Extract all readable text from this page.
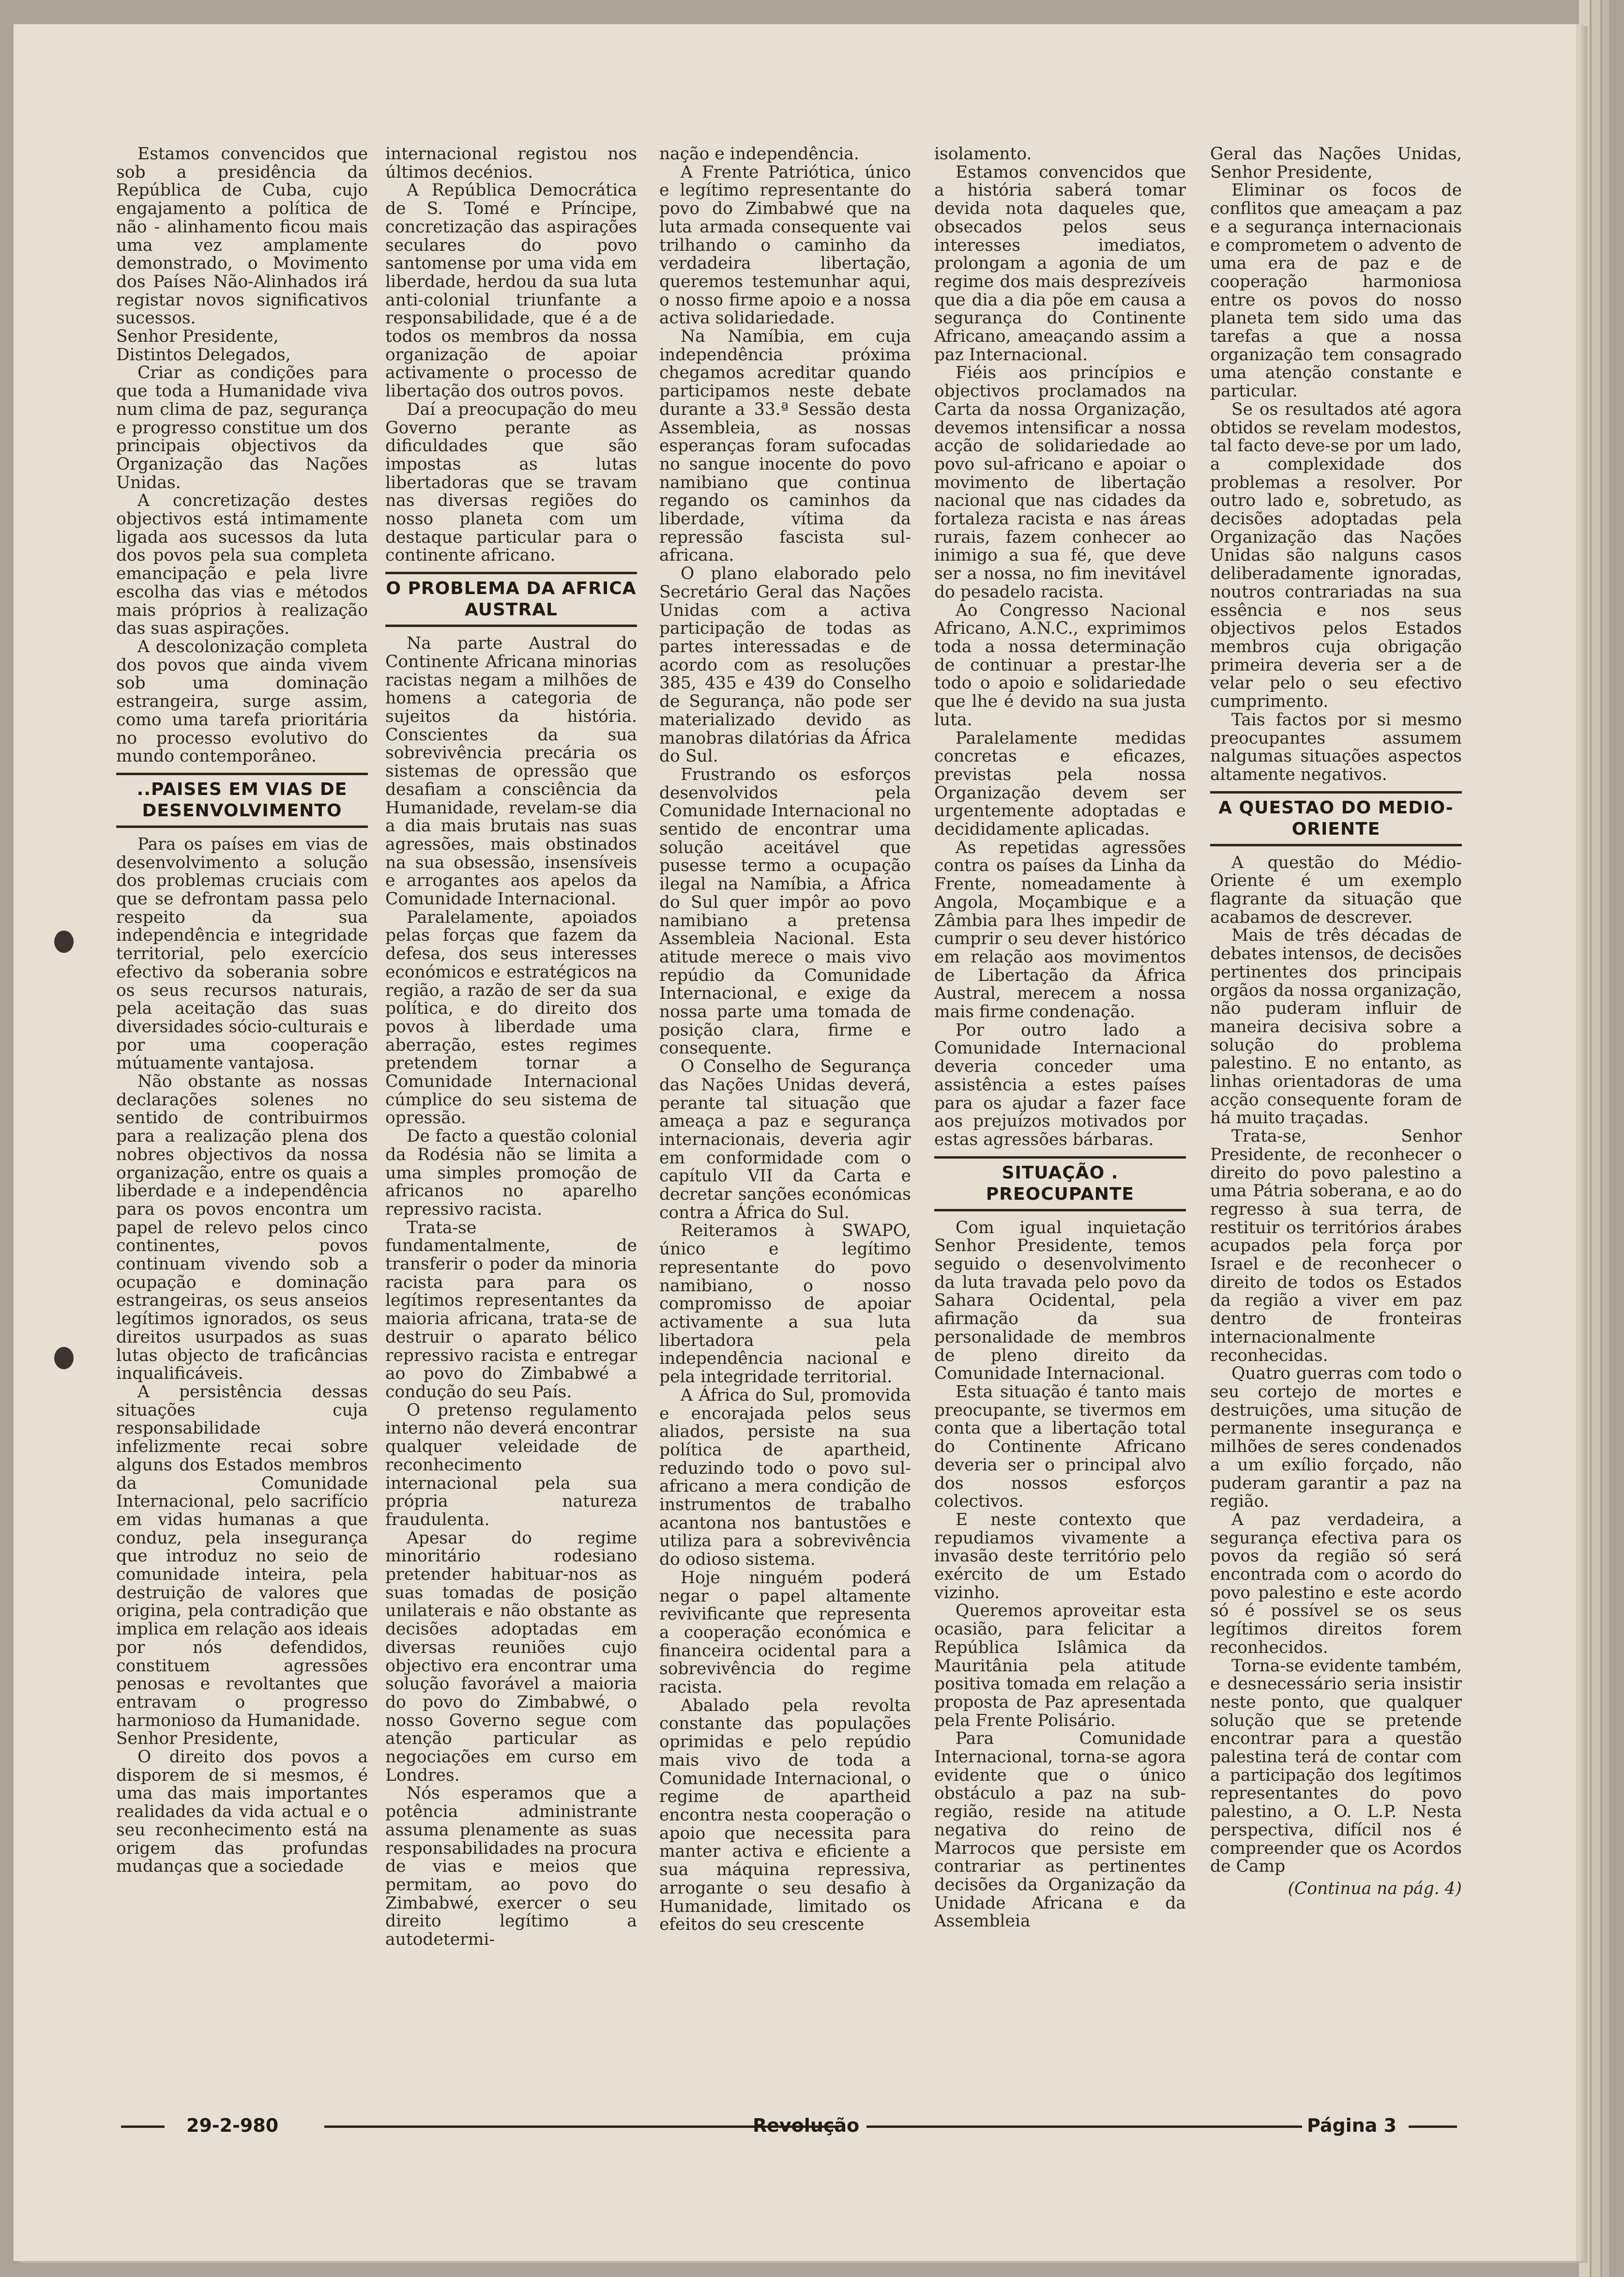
Estamos convencidos que sob a presidência da República de Cuba, cujo engajamento a política de não - alinhamento ficou mais uma vez amplamente demonstrado, o Movimento dos Países Não-Alinhados irá registar novos significativos sucessos.

Senhor Presidente,

Distintos Delegados,

Criar as condições para que toda a Humanidade viva num clima de paz, segurança e progresso constitue um dos principais objectivos da Organização das Nações Unidas.

A concretização destes objectivos está intimamente ligada aos sucessos da luta dos povos pela sua completa emancipação e pela livre escolha das vias e métodos mais próprios à realização das suas aspirações.

A descolonização completa dos povos que ainda vivem sob uma dominação estrangeira, surge assim, como uma tarefa prioritária no processo evolutivo do mundo contemporâneo.

..PAISES EM VIAS DE DESENVOLVIMENTO

Para os países em vias de desenvolvimento a solução dos problemas cruciais com que se defrontam passa pelo respeito da sua independência e integridade territorial, pelo exercício efectivo da soberania sobre os seus recursos naturais, pela aceitação das suas diversidades sócio-culturais e por uma cooperação mútuamente vantajosa.

Não obstante as nossas declarações solenes no sentido de contribuirmos para a realização plena dos nobres objectivos da nossa organização, entre os quais a liberdade e a independência para os povos encontra um papel de relevo pelos cinco continentes, povos continuam vivendo sob a ocupação e dominação estrangeiras, os seus anseios legítimos ignorados, os seus direitos usurpados as suas lutas objecto de traficâncias inqualificáveis.

A persistência dessas situações cuja responsabilidade infelizmente recai sobre alguns dos Estados membros da Comunidade Internacional, pelo sacrifício em vidas humanas a que conduz, pela insegurança que introduz no seio de comunidade inteira, pela destruição de valores que origina, pela contradição que implica em relação aos ideais por nós defendidos, constituem agressões penosas e revoltantes que entravam o progresso harmonioso da Humanidade.

Senhor Presidente,

O direito dos povos a disporem de si mesmos, é uma das mais importantes realidades da vida actual e o seu reconhecimento está na origem das profundas mudanças que a sociedade

internacional registou nos últimos decénios.

A República Democrática de S. Tomé e Príncipe, concretização das aspirações seculares do povo santomense por uma vida em liberdade, herdou da sua luta anti-colonial triunfante a responsabilidade, que é a de todos os membros da nossa organização de apoiar activamente o processo de libertação dos outros povos.

Daí a preocupação do meu Governo perante as dificuldades que são impostas as lutas libertadoras que se travam nas diversas regiões do nosso planeta com um destaque particular para o continente africano.

O PROBLEMA DA AFRICA AUSTRAL

Na parte Austral do Continente Africana minorias racistas negam a milhões de homens a categoria de sujeitos da história. Conscientes da sua sobrevivência precária os sistemas de opressão que desafiam a consciência da Humanidade, revelam-se dia a dia mais brutais nas suas agressões, mais obstinados na sua obsessão, insensíveis e arrogantes aos apelos da Comunidade Internacional.

Paralelamente, apoiados pelas forças que fazem da defesa, dos seus interesses económicos e estratégicos na região, a razão de ser da sua política, e do direito dos povos à liberdade uma aberração, estes regimes pretendem tornar a Comunidade Internacional cúmplice do seu sistema de opressão.

De facto a questão colonial da Rodésia não se limita a uma simples promoção de africanos no aparelho repressivo racista.

Trata-se fundamentalmente, de transferir o poder da minoria racista para para os legítimos representantes da maioria africana, trata-se de destruir o aparato bélico repressivo racista e entregar ao povo do Zimbabwé a condução do seu País.

O pretenso regulamento interno não deverá encontrar qualquer veleidade de reconhecimento internacional pela sua própria natureza fraudulenta.

Apesar do regime minoritário rodesiano pretender habituar-nos as suas tomadas de posição unilaterais e não obstante as decisões adoptadas em diversas reuniões cujo objectivo era encontrar uma solução favorável a maioria do povo do Zimbabwé, o nosso Governo segue com atenção particular as negociações em curso em Londres.

Nós esperamos que a potência administrante assuma plenamente as suas responsabilidades na procura de vias e meios que permitam, ao povo do Zimbabwé, exercer o seu direito legítimo a autodetermi-

nação e independência.

A Frente Patriótica, único e legítimo representante do povo do Zimbabwé que na luta armada consequente vai trilhando o caminho da verdadeira libertação, queremos testemunhar aqui, o nosso firme apoio e a nossa activa solidariedade.

Na Namíbia, em cuja independência próxima chegamos acreditar quando participamos neste debate durante a 33.ª Sessão desta Assembleia, as nossas esperanças foram sufocadas no sangue inocente do povo namibiano que continua regando os caminhos da liberdade, vítima da repressão fascista sul-africana.

O plano elaborado pelo Secretário Geral das Nações Unidas com a activa participação de todas as partes interessadas e de acordo com as resoluções 385, 435 e 439 do Conselho de Segurança, não pode ser materializado devido as manobras dilatórias da África do Sul.

Frustrando os esforços desenvolvidos pela Comunidade Internacional no sentido de encontrar uma solução aceitável que pusesse termo a ocupação ilegal na Namíbia, a África do Sul quer impôr ao povo namibiano a pretensa Assembleia Nacional. Esta atitude merece o mais vivo repúdio da Comunidade Internacional, e exige da nossa parte uma tomada de posição clara, firme e consequente.

O Conselho de Segurança das Nações Unidas deverá, perante tal situação que ameaça a paz e segurança internacionais, deveria agir em conformidade com o capítulo VII da Carta e decretar sanções económicas contra a África do Sul.

Reiteramos à SWAPO, único e legítimo representante do povo namibiano, o nosso compromisso de apoiar activamente a sua luta libertadora pela independência nacional e pela integridade territorial.

A África do Sul, promovida e encorajada pelos seus aliados, persiste na sua política de apartheid, reduzindo todo o povo sul-africano a mera condição de instrumentos de trabalho acantona nos bantustões e utiliza para a sobrevivência do odioso sistema.

Hoje ninguém poderá negar o papel altamente revivificante que representa a cooperação económica e financeira ocidental para a sobrevivência do regime racista.

Abalado pela revolta constante das populações oprimidas e pelo repúdio mais vivo de toda a Comunidade Internacional, o regime de apartheid encontra nesta cooperação o apoio que necessita para manter activa e eficiente a sua máquina repressiva, arrogante o seu desafio à Humanidade, limitado os efeitos do seu crescente

isolamento.

Estamos convencidos que a história saberá tomar devida nota daqueles que, obsecados pelos seus interesses imediatos, prolongam a agonia de um regime dos mais desprezíveis que dia a dia põe em causa a segurança do Continente Africano, ameaçando assim a paz Internacional.

Fiéis aos princípios e objectivos proclamados na Carta da nossa Organização, devemos intensificar a nossa acção de solidariedade ao povo sul-africano e apoiar o movimento de libertação nacional que nas cidades da fortaleza racista e nas áreas rurais, fazem conhecer ao inimigo a sua fé, que deve ser a nossa, no fim inevitável do pesadelo racista.

Ao Congresso Nacional Africano, A.N.C., exprimimos toda a nossa determinação de continuar a prestar-lhe todo o apoio e solidariedade que lhe é devido na sua justa luta.

Paralelamente medidas concretas e eficazes, previstas pela nossa Organização devem ser urgentemente adoptadas e decididamente aplicadas.

As repetidas agressões contra os países da Linha da Frente, nomeadamente à Angola, Moçambique e a Zâmbia para lhes impedir de cumprir o seu dever histórico em relação aos movimentos de Libertação da África Austral, merecem a nossa mais firme condenação.

Por outro lado a Comunidade Internacional deveria conceder uma assistência a estes países para os ajudar a fazer face aos prejuízos motivados por estas agressões bárbaras.

SITUAÇÃO . PREOCUPANTE

Com igual inquietação Senhor Presidente, temos seguido o desenvolvimento da luta travada pelo povo da Sahara Ocidental, pela afirmação da sua personalidade de membros de pleno direito da Comunidade Internacional.

Esta situação é tanto mais preocupante, se tivermos em conta que a libertação total do Continente Africano deveria ser o principal alvo dos nossos esforços colectivos.

E neste contexto que repudiamos vivamente a invasão deste território pelo exército de um Estado vizinho.

Queremos aproveitar esta ocasião, para felicitar a República Islâmica da Mauritânia pela atitude positiva tomada em relação a proposta de Paz apresentada pela Frente Polisário.

Para Comunidade Internacional, torna-se agora evidente que o único obstáculo a paz na sub-região, reside na atitude negativa do reino de Marrocos que persiste em contrariar as pertinentes decisões da Organização da Unidade Africana e da Assembleia

Geral das Nações Unidas, Senhor Presidente,

Eliminar os focos de conflitos que ameaçam a paz e a segurança internacionais e comprometem o advento de uma era de paz e de cooperação harmoniosa entre os povos do nosso planeta tem sido uma das tarefas a que a nossa organização tem consagrado uma atenção constante e particular.

Se os resultados até agora obtidos se revelam modestos, tal facto deve-se por um lado, a complexidade dos problemas a resolver. Por outro lado e, sobretudo, as decisões adoptadas pela Organização das Nações Unidas são nalguns casos deliberadamente ignoradas, noutros contrariadas na sua essência e nos seus objectivos pelos Estados membros cuja obrigação primeira deveria ser a de velar pelo o seu efectivo cumprimento.

Tais factos por si mesmo preocupantes assumem nalgumas situações aspectos altamente negativos.

A QUESTAO DO MEDIO-ORIENTE

A questão do Médio-Oriente é um exemplo flagrante da situação que acabamos de descrever.

Mais de três décadas de debates intensos, de decisões pertinentes dos principais orgãos da nossa organização, não puderam influir de maneira decisiva sobre a solução do problema palestino. E no entanto, as linhas orientadoras de uma acção consequente foram de há muito traçadas.

Trata-se, Senhor Presidente, de reconhecer o direito do povo palestino a uma Pátria soberana, e ao do regresso à sua terra, de restituir os territórios árabes acupados pela força por Israel e de reconhecer o direito de todos os Estados da região a viver em paz dentro de fronteiras internacionalmente reconhecidas.

Quatro guerras com todo o seu cortejo de mortes e destruições, uma situção de permanente insegurança e milhões de seres condenados a um exílio forçado, não puderam garantir a paz na região.

A paz verdadeira, a segurança efectiva para os povos da região só será encontrada com o acordo do povo palestino e este acordo só é possível se os seus legítimos direitos forem reconhecidos.

Torna-se evidente também, e desnecessário seria insistir neste ponto, que qualquer solução que se pretende encontrar para a questão palestina terá de contar com a participação dos legítimos representantes do povo palestino, a O. L.P. Nesta perspectiva, difícil nos é compreender que os Acordos de Camp

(Continua na pág. 4)
29-2-980	Revolução	Página 3
